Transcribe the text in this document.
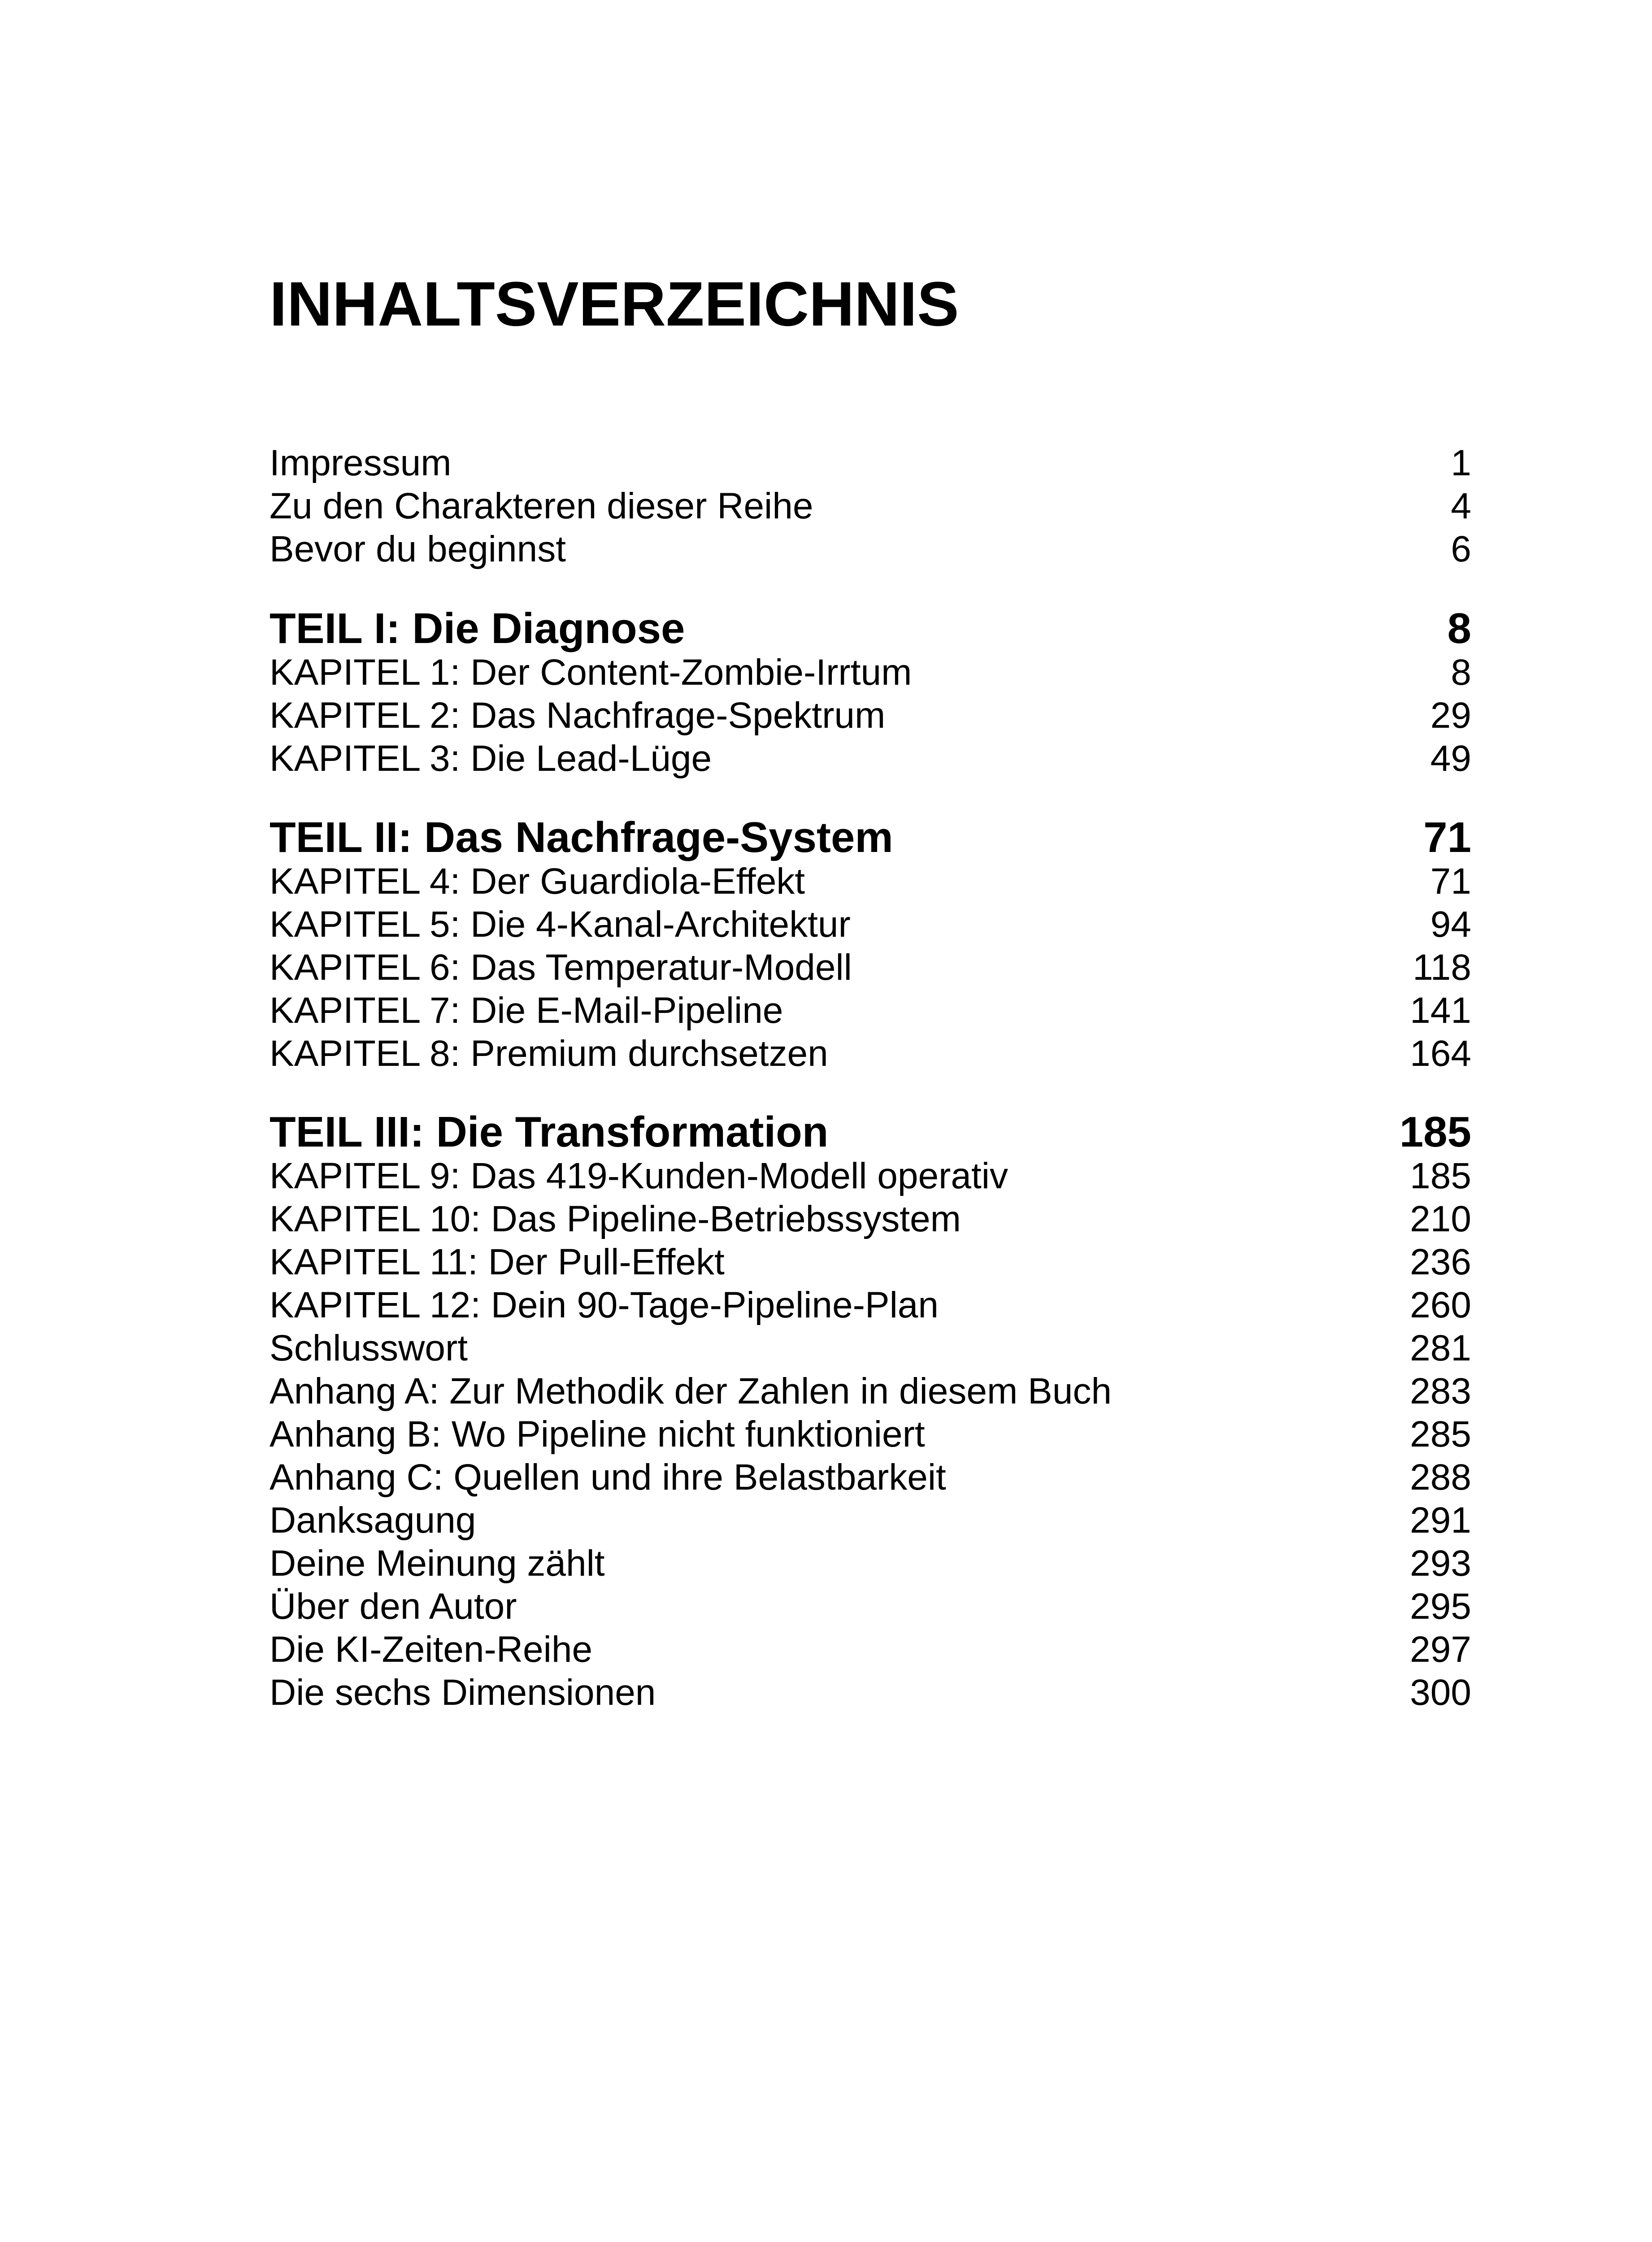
INHALTSVERZEICHNIS
Impressum	1
Zu den Charakteren dieser Reihe	4
Bevor du beginnst	6
TEIL I: Die Diagnose	8
KAPITEL 1: Der Content-Zombie-Irrtum	8
KAPITEL 2: Das Nachfrage-Spektrum	29
KAPITEL 3: Die Lead-Lüge	49
TEIL II: Das Nachfrage-System	71
KAPITEL 4: Der Guardiola-Effekt	71
KAPITEL 5: Die 4-Kanal-Architektur	94
KAPITEL 6: Das Temperatur-Modell	118
KAPITEL 7: Die E-Mail-Pipeline	141
KAPITEL 8: Premium durchsetzen	164
TEIL III: Die Transformation	185
KAPITEL 9: Das 419-Kunden-Modell operativ	185
KAPITEL 10: Das Pipeline-Betriebssystem	210
KAPITEL 11: Der Pull-Effekt	236
KAPITEL 12: Dein 90-Tage-Pipeline-Plan	260
Schlusswort	281
Anhang A: Zur Methodik der Zahlen in diesem Buch	283
Anhang B: Wo Pipeline nicht funktioniert	285
Anhang C: Quellen und ihre Belastbarkeit	288
Danksagung	291
Deine Meinung zählt	293
Über den Autor	295
Die KI-Zeiten-Reihe	297
Die sechs Dimensionen	300
